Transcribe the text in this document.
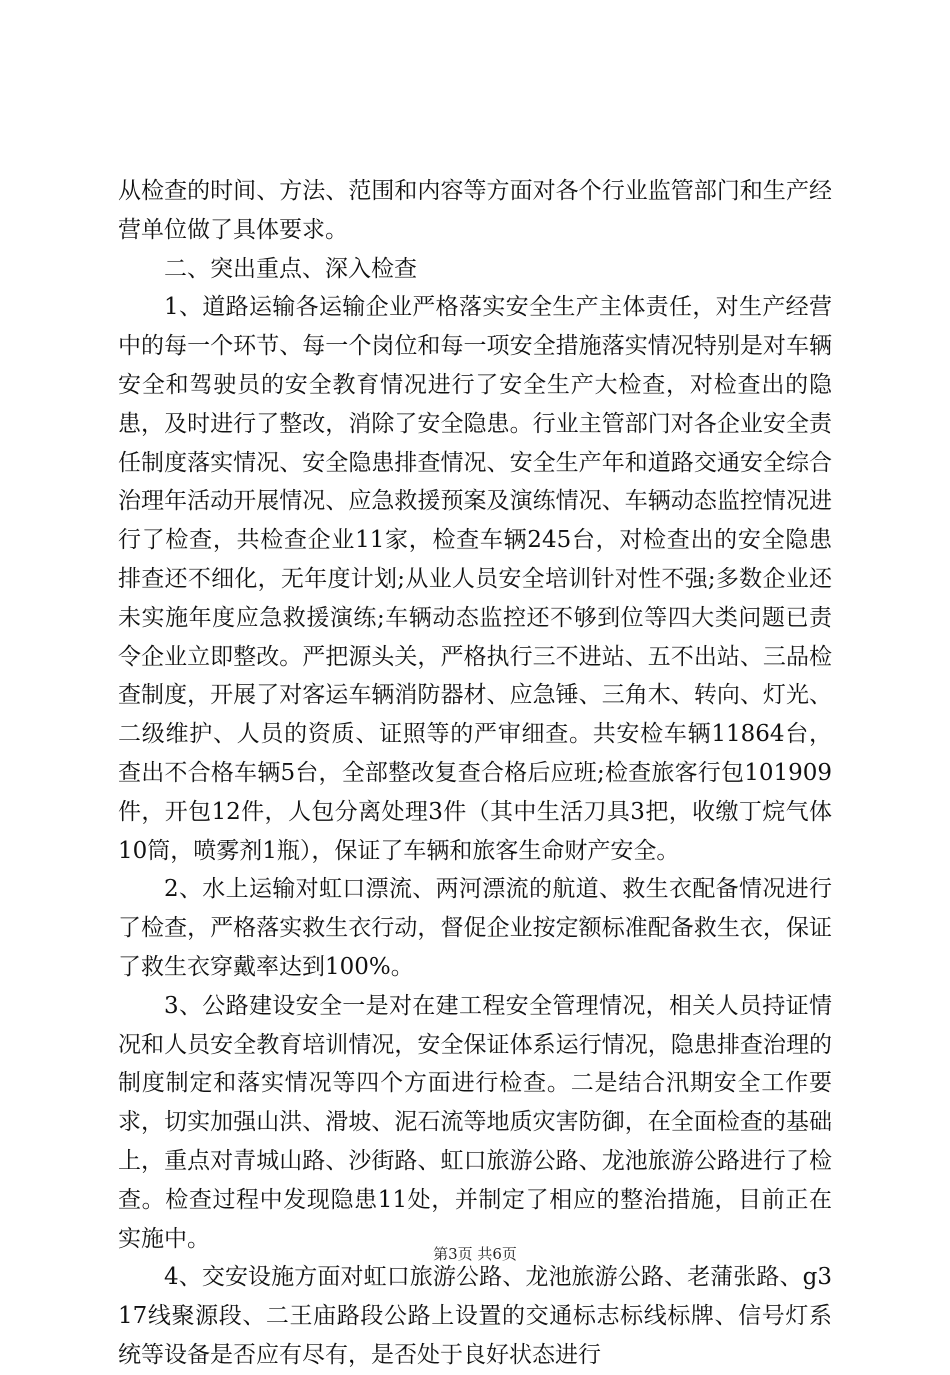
从检查的时间、方法、范围和内容等方面对各个行业监管部门和生产经营单位做了具体要求。

二、突出重点、深入检查

1、道路运输各运输企业严格落实安全生产主体责任，对生产经营中的每一个环节、每一个岗位和每一项安全措施落实情况特别是对车辆安全和驾驶员的安全教育情况进行了安全生产大检查，对检查出的隐患，及时进行了整改，消除了安全隐患。行业主管部门对各企业安全责任制度落实情况、安全隐患排查情况、安全生产年和道路交通安全综合治理年活动开展情况、应急救援预案及演练情况、车辆动态监控情况进行了检查，共检查企业11家，检查车辆245台，对检查出的安全隐患排查还不细化，无年度计划;从业人员安全培训针对性不强;多数企业还未实施年度应急救援演练;车辆动态监控还不够到位等四大类问题已责令企业立即整改。严把源头关，严格执行三不进站、五不出站、三品检查制度，开展了对客运车辆消防器材、应急锤、三角木、转向、灯光、二级维护、人员的资质、证照等的严审细查。共安检车辆11864台，查出不合格车辆5台，全部整改复查合格后应班;检查旅客行包101909件，开包12件，人包分离处理3件（其中生活刀具3把，收缴丁烷气体10筒，喷雾剂1瓶），保证了车辆和旅客生命财产安全。

2、水上运输对虹口漂流、两河漂流的航道、救生衣配备情况进行了检查，严格落实救生衣行动，督促企业按定额标准配备救生衣，保证了救生衣穿戴率达到100%。

3、公路建设安全一是对在建工程安全管理情况，相关人员持证情况和人员安全教育培训情况，安全保证体系运行情况，隐患排查治理的制度制定和落实情况等四个方面进行检查。二是结合汛期安全工作要求，切实加强山洪、滑坡、泥石流等地质灾害防御，在全面检查的基础上，重点对青城山路、沙街路、虹口旅游公路、龙池旅游公路进行了检查。检查过程中发现隐患11处，并制定了相应的整治措施，目前正在实施中。

4、交安设施方面对虹口旅游公路、龙池旅游公路、老蒲张路、g317线聚源段、二王庙路段公路上设置的交通标志标线标牌、信号灯系统等设备是否应有尽有，是否处于良好状态进行

第3页 共6页
